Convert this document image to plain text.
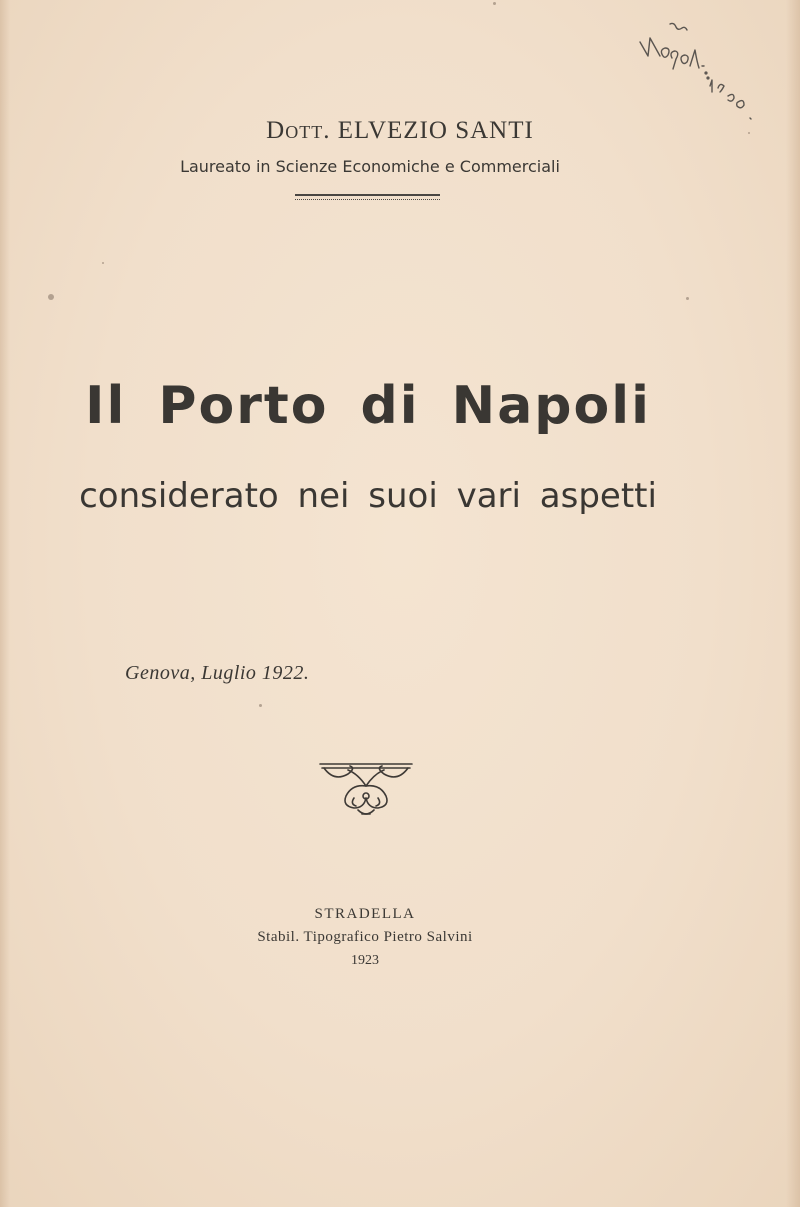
Dott. ELVEZIO SANTI
Laureato in Scienze Economiche e Commerciali
Il Porto di Napoli
considerato nei suoi vari aspetti
Genova, Luglio 1922.
STRADELLA
Stabil. Tipografico Pietro Salvini
1923
